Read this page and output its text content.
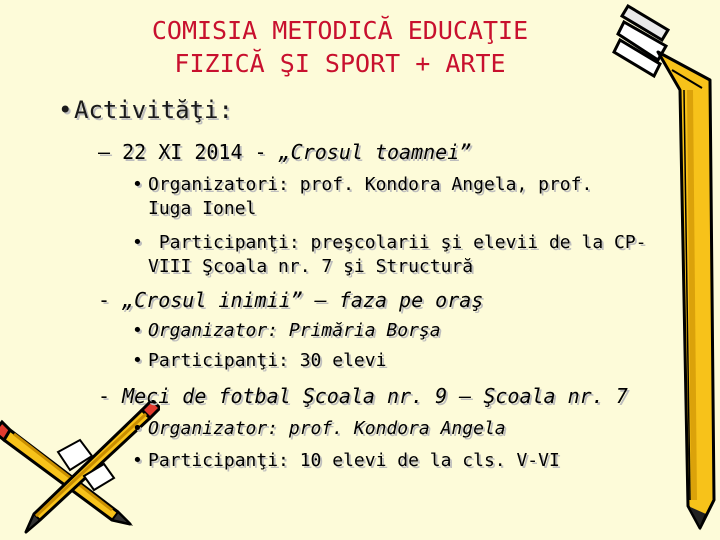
COMISIA METODICĂ EDUCAŢIE
FIZICĂ ŞI SPORT + ARTE
•Activităţi:
– 22 XI 2014 - „Crosul toamnei”
• Organizatori: prof. Kondora Angela, prof.
Iuga Ionel
• Participanţi: preşcolarii şi elevii de la CP-
VIII Şcoala nr. 7 şi Structură
- „Crosul inimii” – faza pe oraş
• Organizator: Primăria Borşa
• Participanţi: 30 elevi
- Meci de fotbal Şcoala nr. 9 – Şcoala nr. 7
• Organizator: prof. Kondora Angela
• Participanţi: 10 elevi de la cls. V-VI
